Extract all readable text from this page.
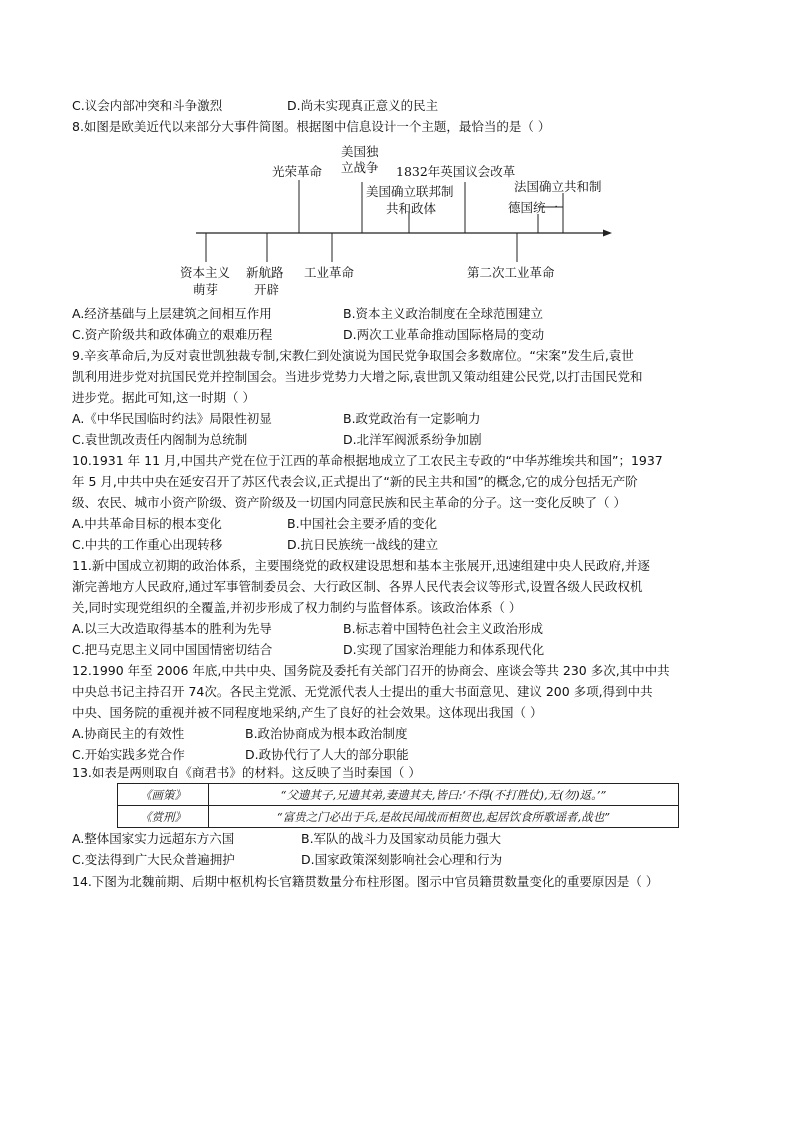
C.议会内部冲突和斗争激烈	D.尚未实现真正意义的民主
8.如图是欧美近代以来部分大事件简图。根据图中信息设计一个主题，最恰当的是（ ）
美国独
立战争
光荣革命	1832年英国议会改革
法国确立共和制
美国确立联邦制
共和政体	德国统一
资本主义
萌芽
新航路
开辟
工业革命	第二次工业革命
A.经济基础与上层建筑之间相互作用	B.资本主义政治制度在全球范围建立
C.资产阶级共和政体确立的艰难历程	D.两次工业革命推动国际格局的变动
9.辛亥革命后,为反对袁世凯独裁专制,宋教仁到处演说为国民党争取国会多数席位。“宋案”发生后,袁世
凯利用进步党对抗国民党并控制国会。当进步党势力大增之际,袁世凯又策动组建公民党,以打击国民党和
进步党。据此可知,这一时期（ ）
A.《中华民国临时约法》局限性初显	B.政党政治有一定影响力
C.袁世凯改责任内阁制为总统制	D.北洋军阀派系纷争加剧
10.1931 年 11 月,中国共产党在位于江西的革命根据地成立了工农民主专政的“中华苏维埃共和国”；1937
年 5 月,中共中央在延安召开了苏区代表会议,正式提出了“新的民主共和国”的概念,它的成分包括无产阶
级、农民、城市小资产阶级、资产阶级及一切国内同意民族和民主革命的分子。这一变化反映了（ ）
A.中共革命目标的根本变化	B.中国社会主要矛盾的变化
C.中共的工作重心出现转移	D.抗日民族统一战线的建立
11.新中国成立初期的政治体系，主要围绕党的政权建设思想和基本主张展开,迅速组建中央人民政府,并逐
渐完善地方人民政府,通过军事管制委员会、大行政区制、各界人民代表会议等形式,设置各级人民政权机
关,同时实现党组织的全覆盖,并初步形成了权力制约与监督体系。该政治体系（ ）
A.以三大改造取得基本的胜利为先导	B.标志着中国特色社会主义政治形成
C.把马克思主义同中国国情密切结合	D.实现了国家治理能力和体系现代化
12.1990 年至 2006 年底,中共中央、国务院及委托有关部门召开的协商会、座谈会等共 230 多次,其中中共
中央总书记主持召开 74次。各民主党派、无党派代表人士提出的重大书面意见、建议 200 多项,得到中共
中央、国务院的重视并被不同程度地采纳,产生了良好的社会效果。这体现出我国（ ）
A.协商民主的有效性	B.政治协商成为根本政治制度
C.开始实践多党合作	D.政协代行了人大的部分职能
13.如表是两则取自《商君书》的材料。这反映了当时秦国（ ）
《画策》	“父遗其子,兄遗其弟,妻遗其夫,皆曰:‘不得(不打胜仗),无(勿)返。’”
《赏刑》	“富贵之门必出于兵,是故民闻战而相贺也,起居饮食所歌谣者,战也”
A.整体国家实力远超东方六国	B.军队的战斗力及国家动员能力强大
C.变法得到广大民众普遍拥护	D.国家政策深刻影响社会心理和行为
14.下图为北魏前期、后期中枢机构长官籍贯数量分布柱形图。图示中官员籍贯数量变化的重要原因是（ ）
